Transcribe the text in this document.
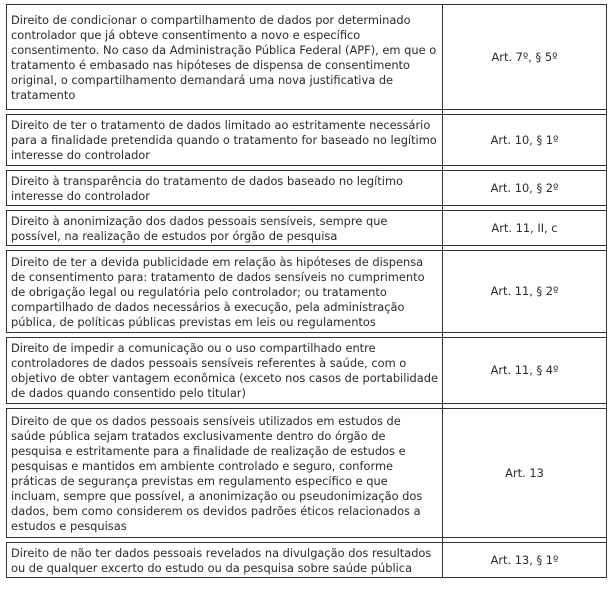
Direito de condicionar o compartilhamento de dados por determinado controlador que já obteve consentimento a novo e específico consentimento. No caso da Administração Pública Federal (APF), em que o tratamento é embasado nas hipóteses de dispensa de consentimento original, o compartilhamento demandará uma nova justificativa de tratamento	Art. 7º, § 5º

Direito de ter o tratamento de dados limitado ao estritamente necessário para a finalidade pretendida quando o tratamento for baseado no legítimo interesse do controlador	Art. 10, § 1º

Direito à transparência do tratamento de dados baseado no legítimo interesse do controlador	Art. 10, § 2º

Direito à anonimização dos dados pessoais sensíveis, sempre que possível, na realização de estudos por órgão de pesquisa	Art. 11, II, c

Direito de ter a devida publicidade em relação às hipóteses de dispensa de consentimento para: tratamento de dados sensíveis no cumprimento de obrigação legal ou regulatória pelo controlador; ou tratamento compartilhado de dados necessários à execução, pela administração pública, de políticas públicas previstas em leis ou regulamentos	Art. 11, § 2º

Direito de impedir a comunicação ou o uso compartilhado entre controladores de dados pessoais sensíveis referentes à saúde, com o objetivo de obter vantagem econômica (exceto nos casos de portabilidade de dados quando consentido pelo titular)	Art. 11, § 4º

Direito de que os dados pessoais sensíveis utilizados em estudos de saúde pública sejam tratados exclusivamente dentro do órgão de pesquisa e estritamente para a finalidade de realização de estudos e pesquisas e mantidos em ambiente controlado e seguro, conforme práticas de segurança previstas em regulamento específico e que incluam, sempre que possível, a anonimização ou pseudonimização dos dados, bem como considerem os devidos padrões éticos relacionados a estudos e pesquisas	Art. 13

Direito de não ter dados pessoais revelados na divulgação dos resultados ou de qualquer excerto do estudo ou da pesquisa sobre saúde pública	Art. 13, § 1º
